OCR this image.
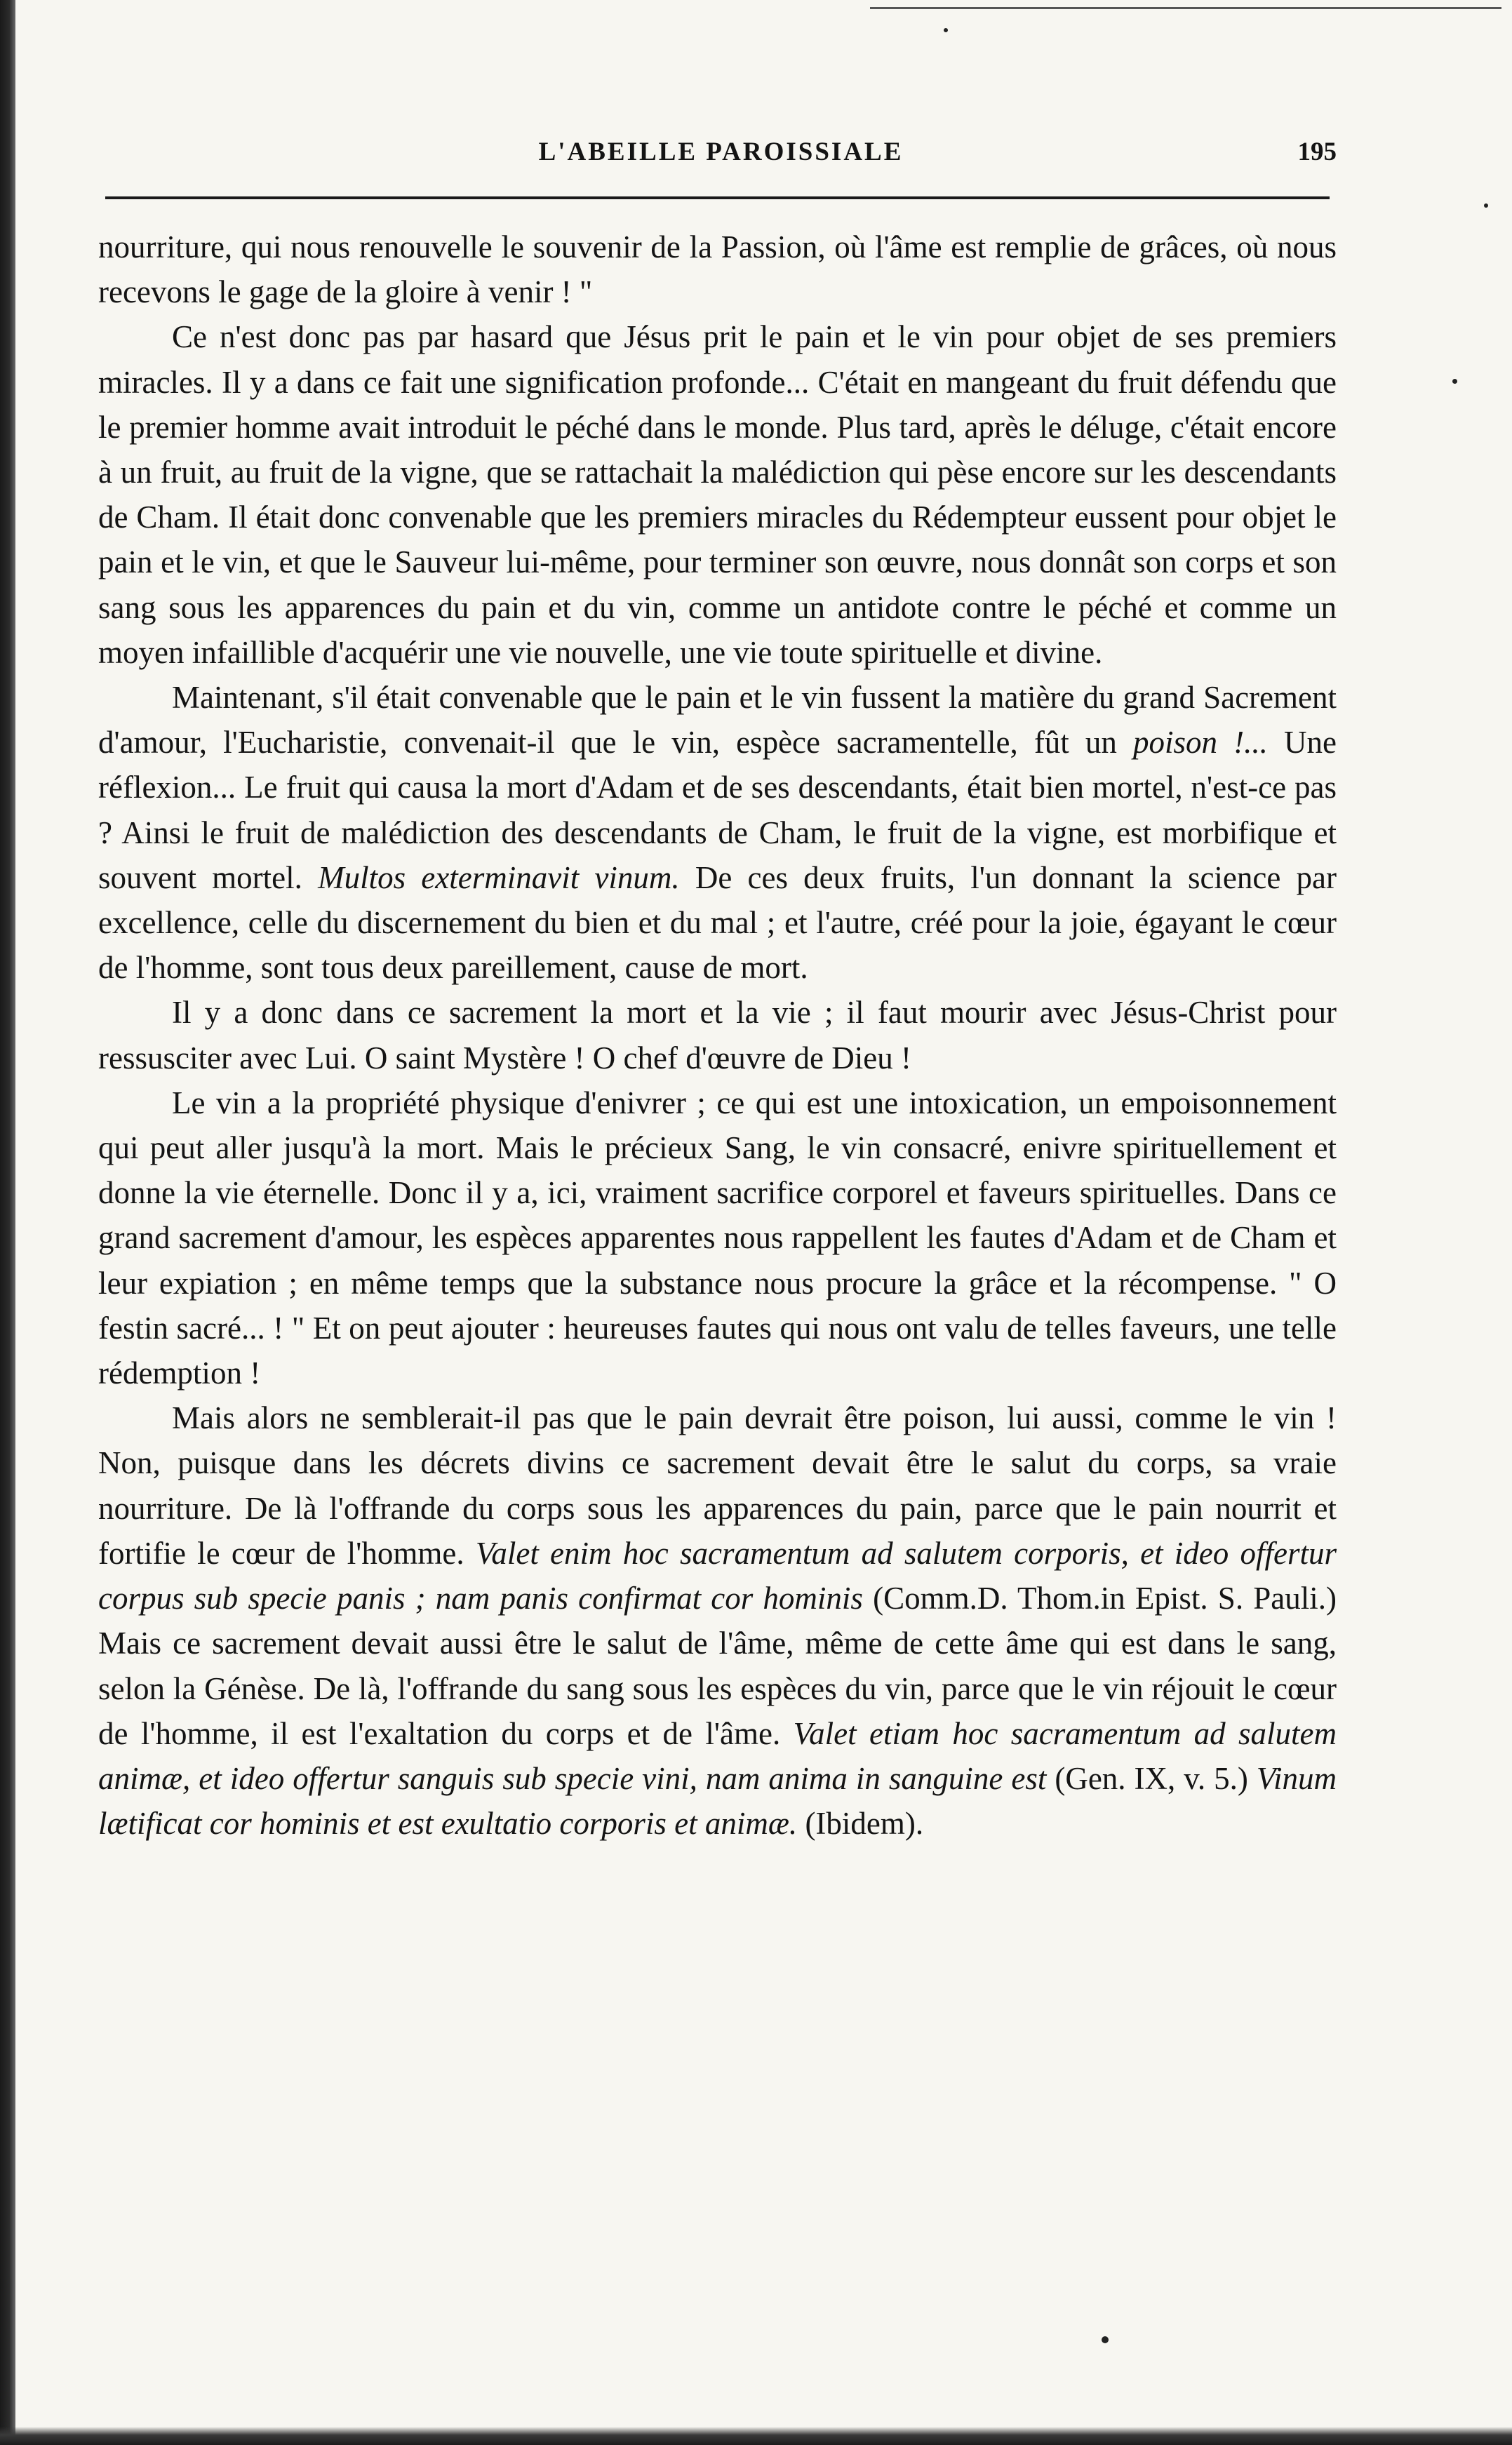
L'ABEILLE PAROISSIALE	195

nourriture, qui nous renouvelle le souvenir de la Passion, où l'âme est remplie de grâces, où nous recevons le gage de la gloire à venir ! "

Ce n'est donc pas par hasard que Jésus prit le pain et le vin pour objet de ses premiers miracles. Il y a dans ce fait une signification profonde... C'était en mangeant du fruit défendu que le premier homme avait introduit le péché dans le monde. Plus tard, après le déluge, c'était encore à un fruit, au fruit de la vigne, que se rattachait la malédiction qui pèse encore sur les descendants de Cham. Il était donc convenable que les premiers miracles du Rédempteur eussent pour objet le pain et le vin, et que le Sauveur lui-même, pour terminer son œuvre, nous donnât son corps et son sang sous les apparences du pain et du vin, comme un antidote contre le péché et comme un moyen infaillible d'acquérir une vie nouvelle, une vie toute spirituelle et divine.

Maintenant, s'il était convenable que le pain et le vin fussent la matière du grand Sacrement d'amour, l'Eucharistie, convenait-il que le vin, espèce sacramentelle, fût un poison !... Une réflexion... Le fruit qui causa la mort d'Adam et de ses descendants, était bien mortel, n'est-ce pas ? Ainsi le fruit de malédiction des descendants de Cham, le fruit de la vigne, est morbifique et souvent mortel. Multos exterminavit vinum. De ces deux fruits, l'un donnant la science par excellence, celle du discernement du bien et du mal ; et l'autre, créé pour la joie, égayant le cœur de l'homme, sont tous deux pareillement, cause de mort.

Il y a donc dans ce sacrement la mort et la vie ; il faut mourir avec Jésus-Christ pour ressusciter avec Lui. O saint Mystère ! O chef d'œuvre de Dieu !

Le vin a la propriété physique d'enivrer ; ce qui est une intoxication, un empoisonnement qui peut aller jusqu'à la mort. Mais le précieux Sang, le vin consacré, enivre spirituellement et donne la vie éternelle. Donc il y a, ici, vraiment sacrifice corporel et faveurs spirituelles. Dans ce grand sacrement d'amour, les espèces apparentes nous rappellent les fautes d'Adam et de Cham et leur expiation ; en même temps que la substance nous procure la grâce et la récompense. " O festin sacré... ! " Et on peut ajouter : heureuses fautes qui nous ont valu de telles faveurs, une telle rédemption !

Mais alors ne semblerait-il pas que le pain devrait être poison, lui aussi, comme le vin ! Non, puisque dans les décrets divins ce sacrement devait être le salut du corps, sa vraie nourriture. De là l'offrande du corps sous les apparences du pain, parce que le pain nourrit et fortifie le cœur de l'homme. Valet enim hoc sacramentum ad salutem corporis, et ideo offertur corpus sub specie panis ; nam panis confirmat cor hominis (Comm.D. Thom.in Epist. S. Pauli.) Mais ce sacrement devait aussi être le salut de l'âme, même de cette âme qui est dans le sang, selon la Génèse. De là, l'offrande du sang sous les espèces du vin, parce que le vin réjouit le cœur de l'homme, il est l'exaltation du corps et de l'âme. Valet etiam hoc sacramentum ad salutem animæ, et ideo offertur sanguis sub specie vini, nam anima in sanguine est (Gen. IX, v. 5.) Vinum lætificat cor hominis et est exultatio corporis et animæ. (Ibidem).
